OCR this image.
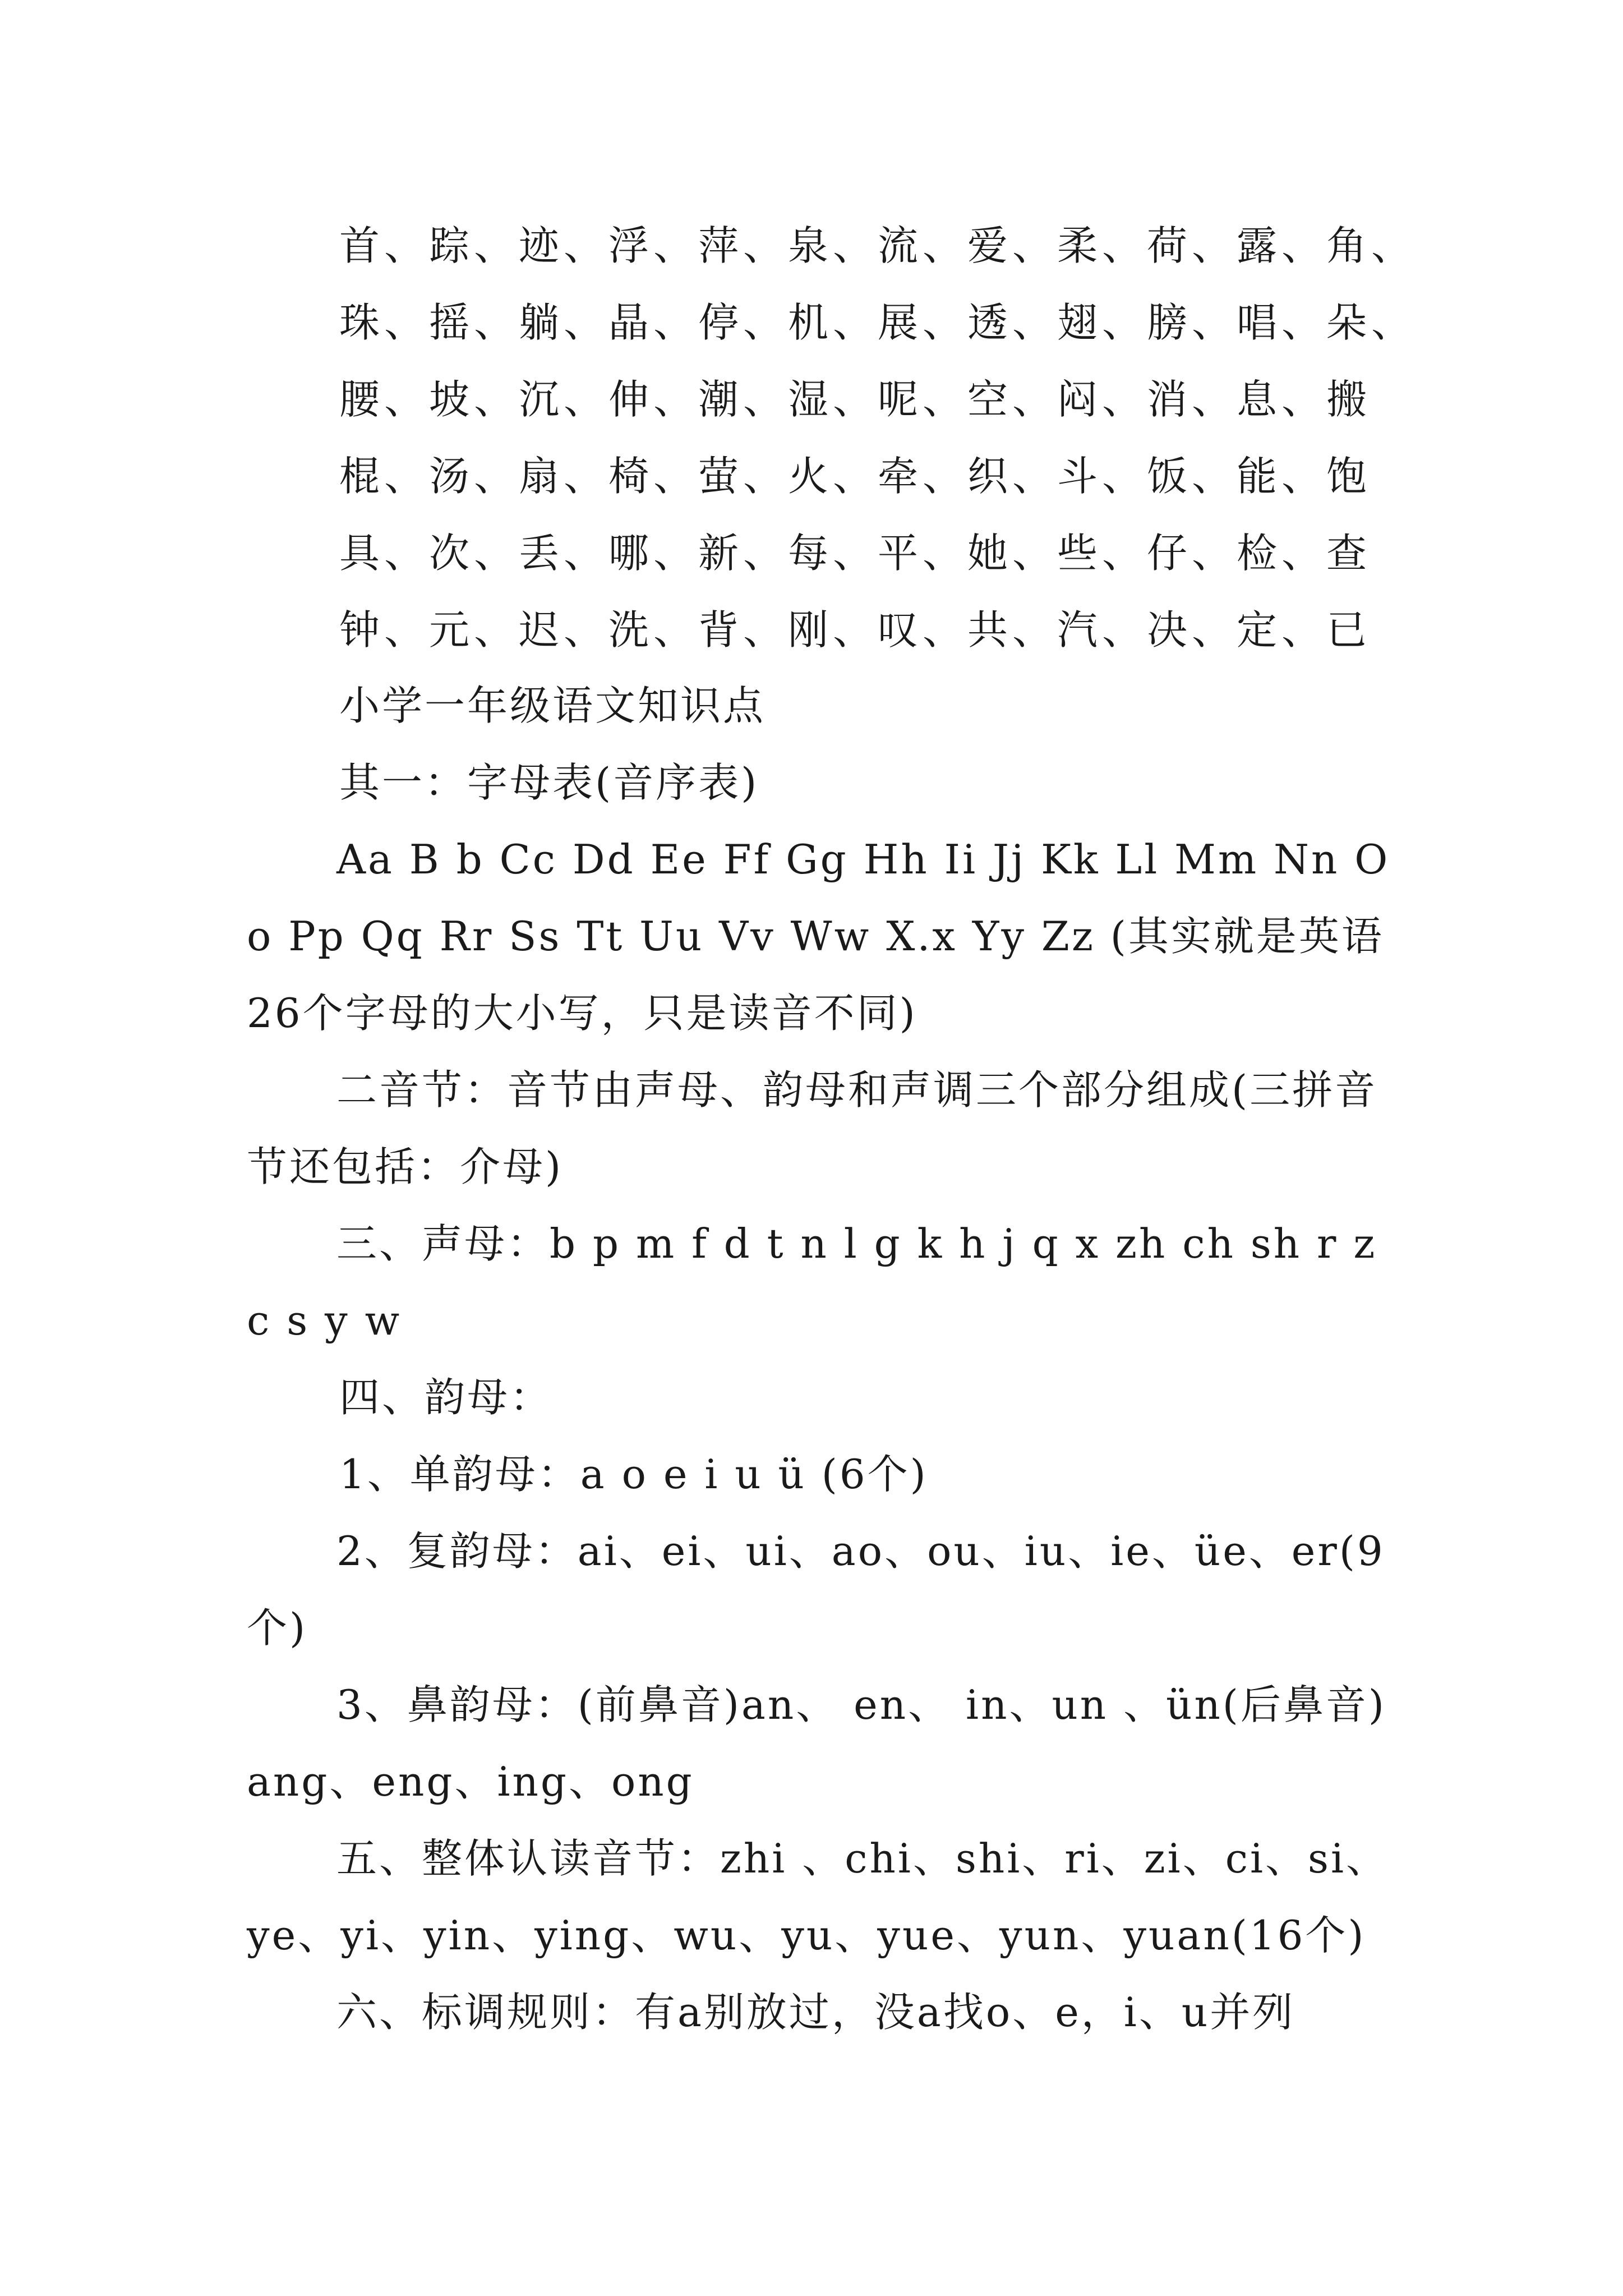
首、踪、迹、浮、萍、泉、流、爱、柔、荷、露、角、
珠、摇、躺、晶、停、机、展、透、翅、膀、唱、朵、
腰、坡、沉、伸、潮、湿、呢、空、闷、消、息、搬
棍、汤、扇、椅、萤、火、牵、织、斗、饭、能、饱
具、次、丢、哪、新、每、平、她、些、仔、检、查
钟、元、迟、洗、背、刚、叹、共、汽、决、定、已

小学一年级语文知识点

其一：字母表(音序表)

Aa B b Cc Dd Ee Ff Gg Hh Ii Jj Kk Ll Mm Nn Oo Pp Qq Rr Ss Tt Uu Vv Ww X.x Yy Zz (其实就是英语26个字母的大小写，只是读音不同)

二音节：音节由声母、韵母和声调三个部分组成(三拼音节还包括：介母)

三、声母：b p m f d t n l g k h j q x zh ch sh r z c s y w

四、韵母：

1、单韵母：a o e i u ü (6个)

2、复韵母：ai、ei、ui、ao、ou、iu、ie、üe、er(9个)

3、鼻韵母：(前鼻音)an、 en、 in、un 、ün(后鼻音)ang、eng、ing、ong

五、整体认读音节：zhi 、chi、shi、ri、zi、ci、si、ye、yi、yin、ying、wu、yu、yue、yun、yuan(16个)

六、标调规则：有a别放过，没a找o、e，i、u并列
